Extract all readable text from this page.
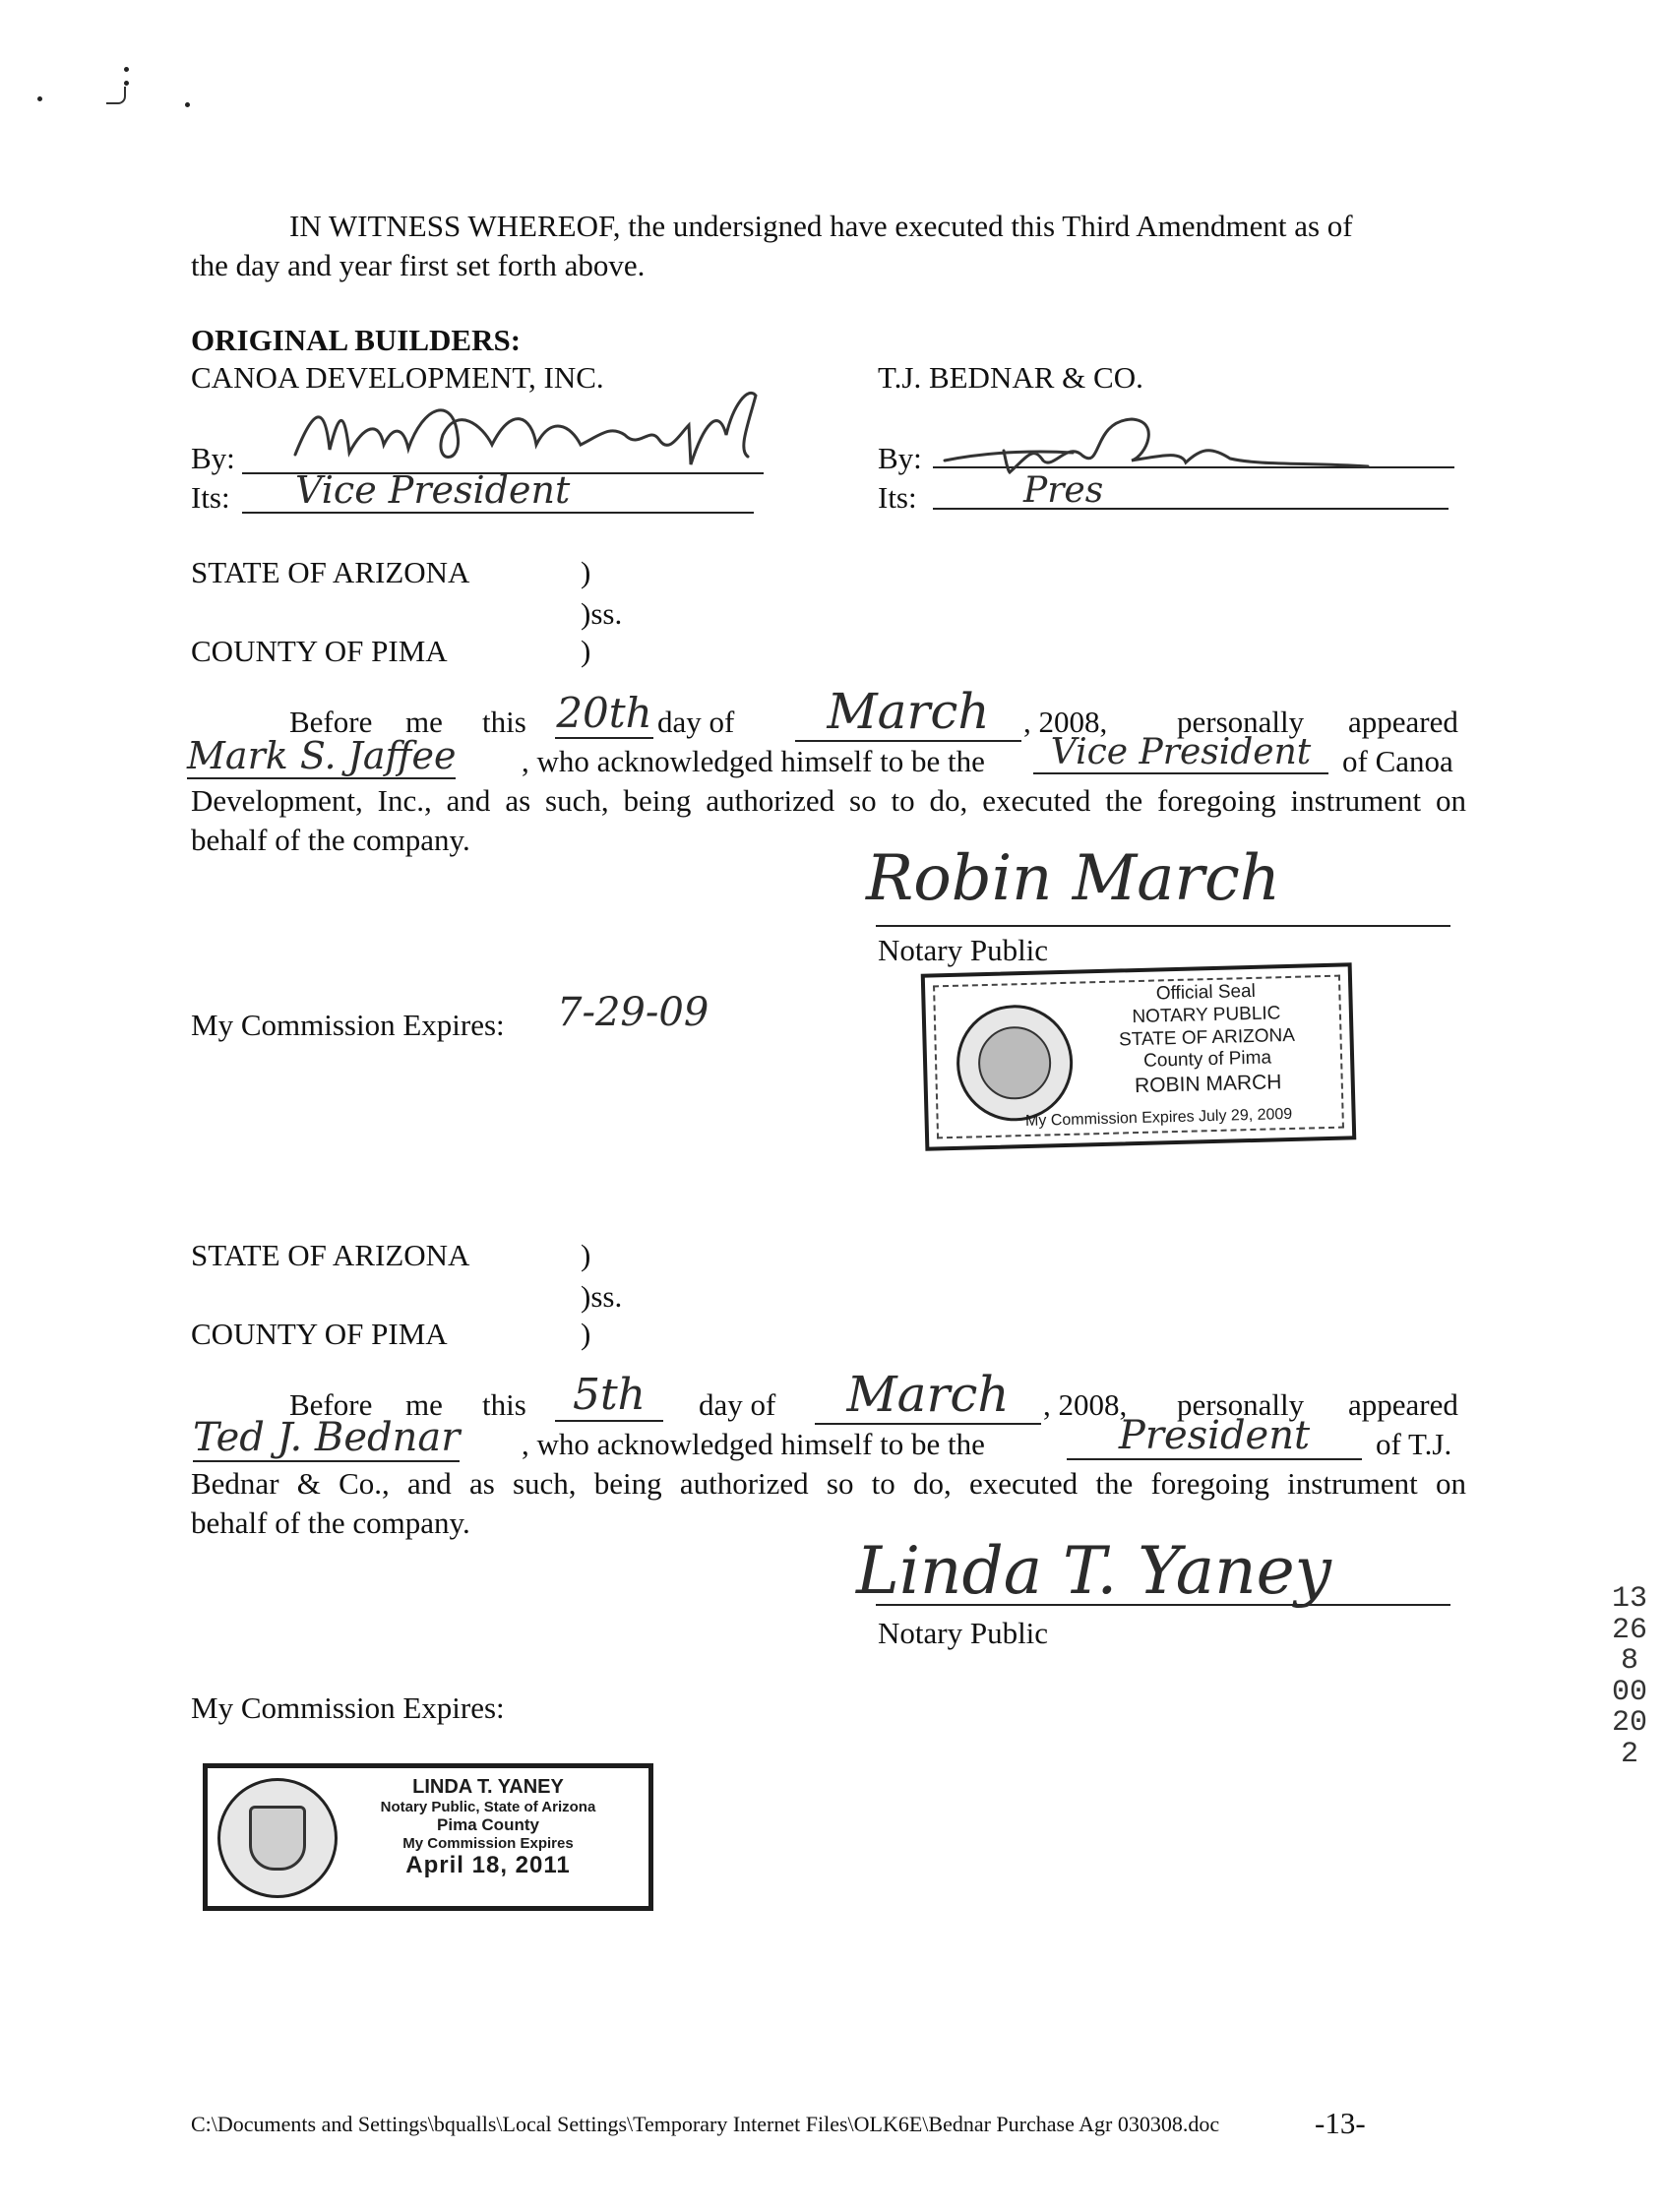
IN WITNESS WHEREOF, the undersigned have executed this Third Amendment as of
the day and year first set forth above.
ORIGINAL BUILDERS:
CANOA DEVELOPMENT, INC.	T.J. BEDNAR & CO.
By:
Its: Vice President
By:
Its:	Pres
STATE OF ARIZONA	)
)ss.
COUNTY OF PIMA	)
Before me this 20th day of	March	, 2008, personally appeared
Mark S. Jaffee , who acknowledged himself to be the	Vice President	of Canoa
Development, Inc., and as such, being authorized so to do, executed the foregoing instrument on
behalf of the company.
Robin March
Notary Public
My Commission Expires: 7-29-09	Official Seal
NOTARY PUBLIC
STATE OF ARIZONA
County of Pima
ROBIN MARCH
My Commission Expires July 29, 2009
STATE OF ARIZONA	)
)ss.
COUNTY OF PIMA	)
Before me this	5th	day of	March	, 2008, personally appeared
Ted J. Bednar , who acknowledged himself to be the	President	of T.J.
Bednar & Co., and as such, being authorized so to do, executed the foregoing instrument on
behalf of the company.
Linda T. Yaney
Notary Public
My Commission Expires:
LINDA T. YANEY
Notary Public, State of Arizona
Pima County
My Commission Expires
April 18, 2011
13268 00202
C:\Documents and Settings\bqualls\Local Settings\Temporary Internet Files\OLK6E\Bednar Purchase Agr 030308.doc	-13-
